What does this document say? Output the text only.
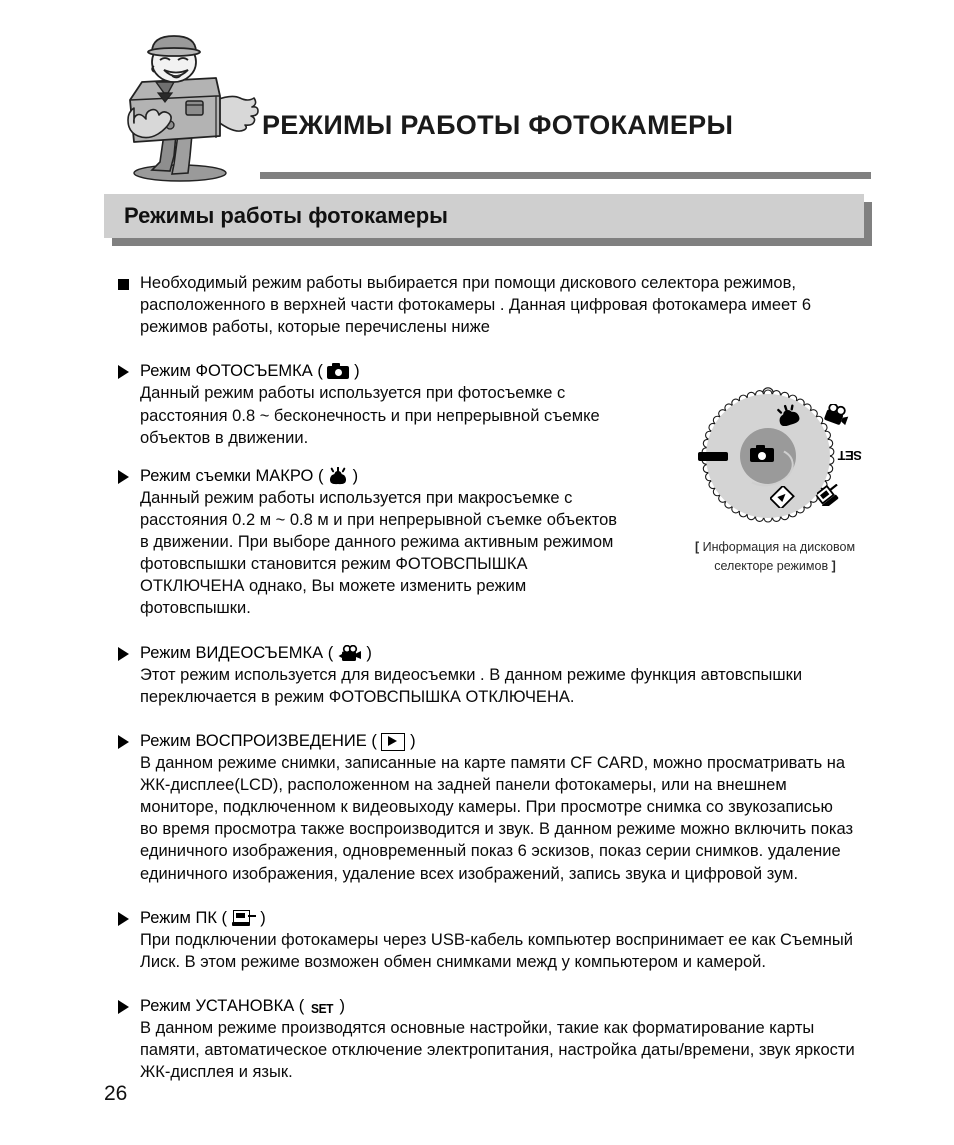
РЕЖИМЫ РАБОТЫ ФОТОКАМЕРЫ
Режимы работы фотокамеры
SET
[ Информация на дисковом
селекторе режимов ]
Необходимый режим работы выбирается при помощи дискового селектора режимов, расположенного в верхней части фотокамеры . Данная цифровая фотокамера имеет 6 режимов работы, которые перечислены ниже
Режим ФОТОСЪЕМКА ( )
Данный режим работы используется при фотосъемке с расстояния 0.8 ~ бесконечность и при непрерывной съемке объектов в движении.
Режим съемки МАКРО ( )
Данный режим работы используется при макросъемке с расстояния 0.2 м ~ 0.8 м и при непрерывной съемке объектов в движении. При выборе данного режима активным режимом фотовспышки становится режим ФОТОВСПЫШКА ОТКЛЮЧЕНА однако, Вы можете изменить режим фотовспышки.
Режим ВИДЕОСЪЕМКА ( )
Этот режим используется для видеосъемки . В данном режиме функция автовспышки переключается в режим ФОТОВСПЫШКА ОТКЛЮЧЕНА.
Режим ВОСПРОИЗВЕДЕНИЕ ( )
В данном режиме снимки, записанные на карте памяти CF CARD, можно просматривать на ЖК-дисплее(LCD), расположенном на задней панели фотокамеры, или на внешнем мониторе, подключенном к видеовыходу камеры. При просмотре снимка со звукозаписью во время просмотра также воспроизводится и звук. В данном режиме можно включить показ единичного изображения, одновременный показ 6 эскизов, показ серии снимков. удаление единичного изображения, удаление всех изображений, запись звука и цифровой зум.
Режим ПК ( )
При подключении фотокамеры через USB-кабель компьютер воспринимает ее как Съемный Лиск. В этом режиме возможен обмен снимками межд у компьютером и камерой.
Режим УСТАНОВКА ( SET )
В данном режиме производятся основные настройки, такие как форматирование карты памяти, автоматическое отключение электропитания, настройка даты/времени, звук яркости ЖК-дисплея и язык.
26
